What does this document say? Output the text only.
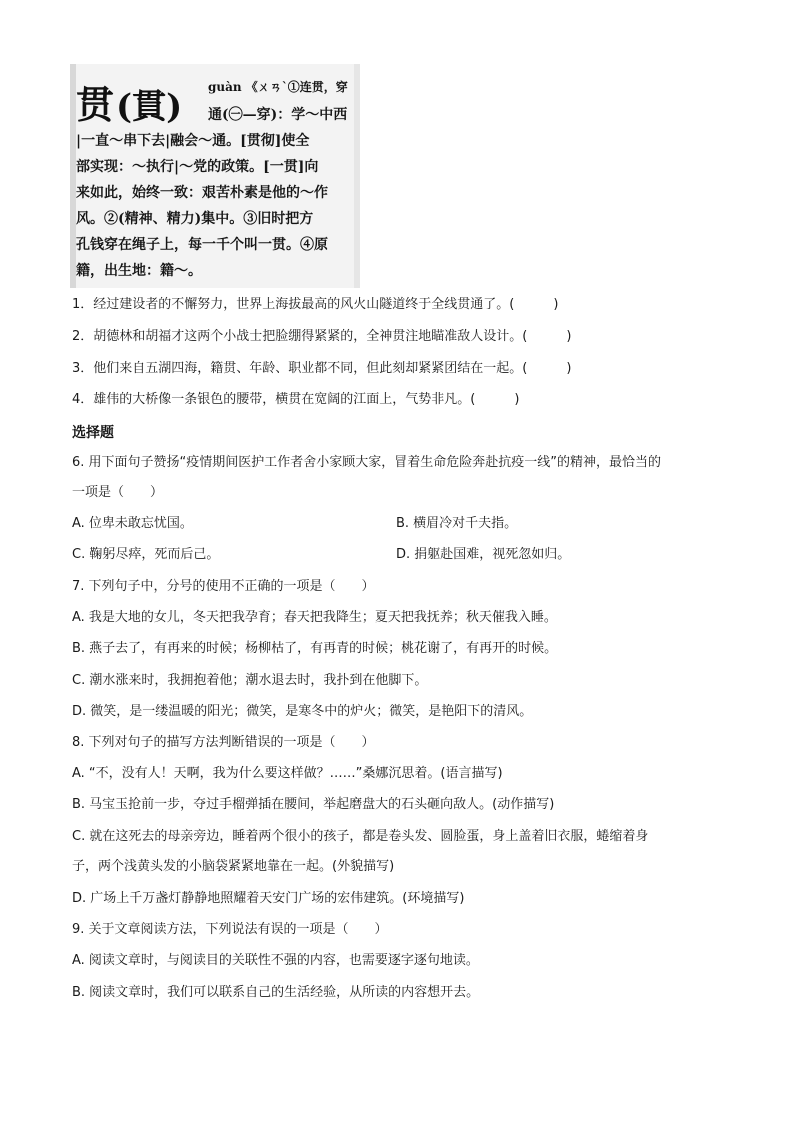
贯(貫) guàn 《ㄨㄢˋ①连贯，穿
通(㊀—穿)：学～中西
|一直～串下去|融会～通。[贯彻]使全
部实现：～执行|～党的政策。[一贯]向
来如此，始终一致：艰苦朴素是他的～作
风。②(精神、精力)集中。③旧时把方
孔钱穿在绳子上，每一千个叫一贯。④原
籍，出生地：籍～。
1．经过建设者的不懈努力，世界上海拔最高的风火山隧道终于全线贯通了。(　　　)
2．胡德林和胡福才这两个小战士把脸绷得紧紧的，全神贯注地瞄准敌人设计。(　　　)
3．他们来自五湖四海，籍贯、年龄、职业都不同，但此刻却紧紧团结在一起。(　　　)
4．雄伟的大桥像一条银色的腰带，横贯在宽阔的江面上，气势非凡。(　　　)
选择题
6. 用下面句子赞扬“疫情期间医护工作者舍小家顾大家，冒着生命危险奔赴抗疫一线”的精神，最恰当的
一项是（　　）
A. 位卑未敢忘忧国。	B. 横眉冷对千夫指。
C. 鞠躬尽瘁，死而后己。	D. 捐躯赴国难，视死忽如归。
7. 下列句子中，分号的使用不正确的一项是（　　）
A. 我是大地的女儿，冬天把我孕育；春天把我降生；夏天把我抚养；秋天催我入睡。
B. 燕子去了，有再来的时候；杨柳枯了，有再青的时候；桃花谢了，有再开的时候。
C. 潮水涨来时，我拥抱着他；潮水退去时，我扑到在他脚下。
D. 微笑，是一缕温暖的阳光；微笑，是寒冬中的炉火；微笑，是艳阳下的清风。
8. 下列对句子的描写方法判断错误的一项是（　　）
A. “不，没有人！天啊，我为什么要这样做？……”桑娜沉思着。(语言描写)
B. 马宝玉抢前一步，夺过手榴弹插在腰间，举起磨盘大的石头砸向敌人。(动作描写)
C. 就在这死去的母亲旁边，睡着两个很小的孩子，都是卷头发、圆脸蛋，身上盖着旧衣服，蜷缩着身
子，两个浅黄头发的小脑袋紧紧地靠在一起。(外貌描写)
D. 广场上千万盏灯静静地照耀着天安门广场的宏伟建筑。(环境描写)
9. 关于文章阅读方法，下列说法有误的一项是（　　）
A. 阅读文章时，与阅读目的关联性不强的内容，也需要逐字逐句地读。
B. 阅读文章时，我们可以联系自己的生活经验，从所读的内容想开去。
